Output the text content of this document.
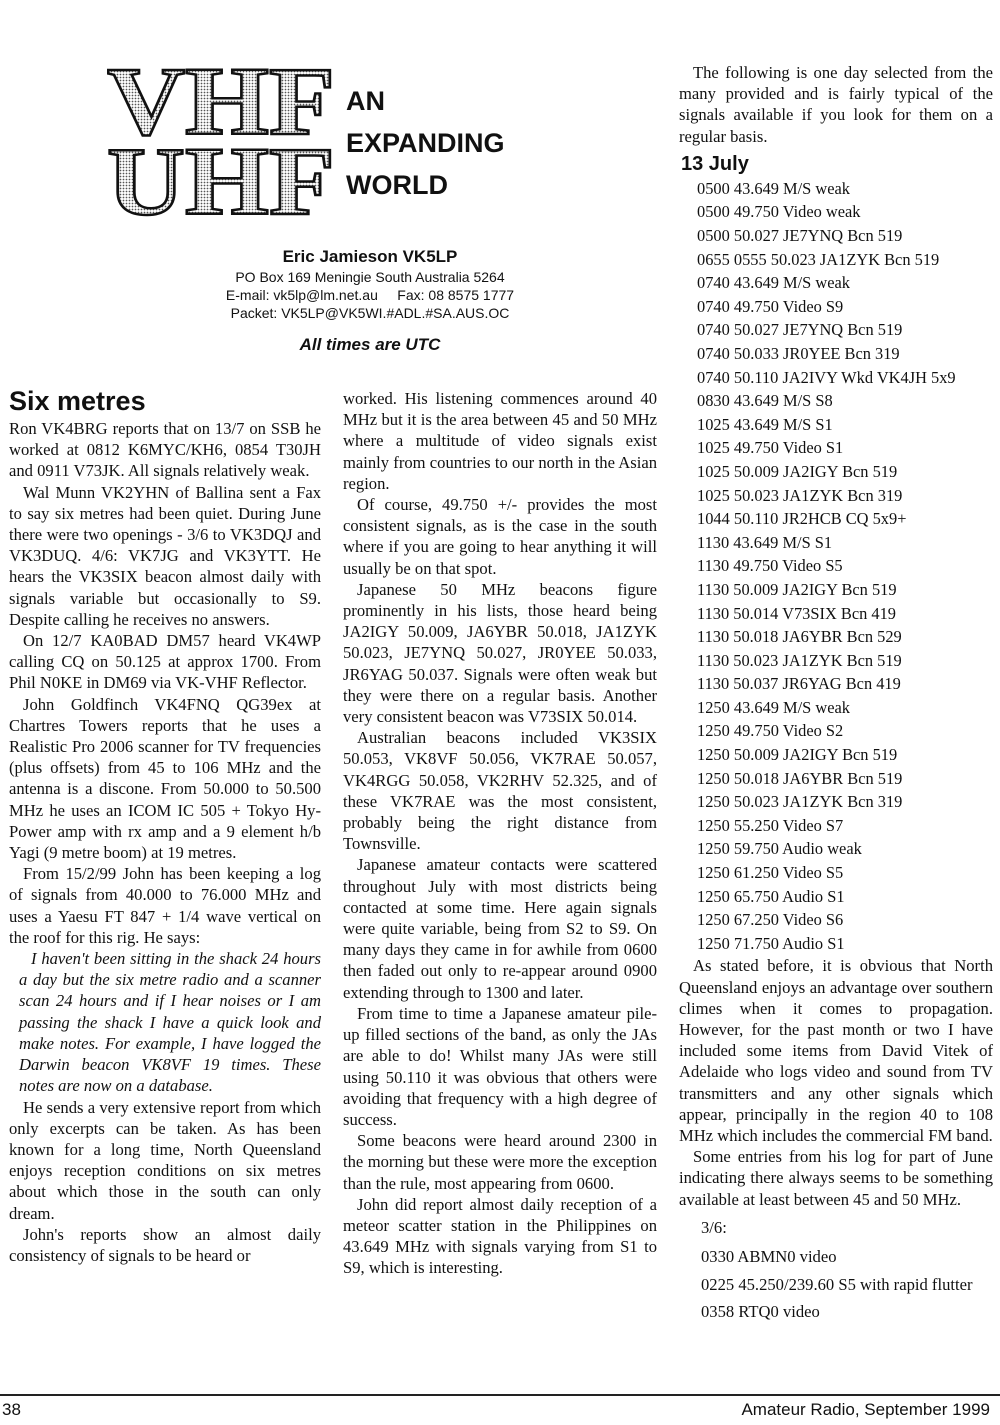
VHF
UHF
AN
EXPANDING
WORLD
Eric Jamieson VK5LP
PO Box 169 Meningie South Australia 5264
E-mail: vk5lp@lm.net.au     Fax: 08 8575 1777
Packet: VK5LP@VK5WI.#ADL.#SA.AUS.OC
All times are UTC
Six metres

Ron VK4BRG reports that on 13/7 on SSB he worked at 0812 K6MYC/KH6, 0854 T30JH and 0911 V73JK. All signals relatively weak.

Wal Munn VK2YHN of Ballina sent a Fax to say six metres had been quiet. During June there were two openings - 3/6 to VK3DQJ and VK3DUQ. 4/6: VK7JG and VK3YTT. He hears the VK3SIX beacon almost daily with signals variable but occasionally to S9. Despite calling he receives no answers.

On 12/7 KA0BAD DM57 heard VK4WP calling CQ on 50.125 at approx 1700. From Phil N0KE in DM69 via VK-VHF Reflector.

John Goldfinch VK4FNQ QG39ex at Chartres Towers reports that he uses a Realistic Pro 2006 scanner for TV frequencies (plus offsets) from 45 to 106 MHz and the antenna is a discone. From 50.000 to 50.500 MHz he uses an ICOM IC 505 + Tokyo Hy-Power amp with rx amp and a 9 element h/b Yagi (9 metre boom) at 19 metres.

From 15/2/99 John has been keeping a log of signals from 40.000 to 76.000 MHz and uses a Yaesu FT 847 + 1/4 wave vertical on the roof for this rig. He says:

I haven't been sitting in the shack 24 hours a day but the six metre radio and a scanner scan 24 hours and if I hear noises or I am passing the shack I have a quick look and make notes. For example, I have logged the Darwin beacon VK8VF 19 times. These notes are now on a database.

He sends a very extensive report from which only excerpts can be taken. As has been known for a long time, North Queensland enjoys reception conditions on six metres about which those in the south can only dream.

John's reports show an almost daily consistency of signals to be heard or

worked. His listening commences around 40 MHz but it is the area between 45 and 50 MHz where a multitude of video signals exist mainly from countries to our north in the Asian region.

Of course, 49.750 +/- provides the most consistent signals, as is the case in the south where if you are going to hear anything it will usually be on that spot.

Japanese 50 MHz beacons figure prominently in his lists, those heard being JA2IGY 50.009, JA6YBR 50.018, JA1ZYK 50.023, JE7YNQ 50.027, JR0YEE 50.033, JR6YAG 50.037. Signals were often weak but they were there on a regular basis. Another very consistent beacon was V73SIX 50.014.

Australian beacons included VK3SIX 50.053, VK8VF 50.056, VK7RAE 50.057, VK4RGG 50.058, VK2RHV 52.325, and of these VK7RAE was the most consistent, probably being the right distance from Townsville.

Japanese amateur contacts were scattered throughout July with most districts being contacted at some time. Here again signals were quite variable, being from S2 to S9. On many days they came in for awhile from 0600 then faded out only to re-appear around 0900 extending through to 1300 and later.

From time to time a Japanese amateur pile-up filled sections of the band, as only the JAs are able to do! Whilst many JAs were still using 50.110 it was obvious that others were avoiding that frequency with a high degree of success.

Some beacons were heard around 2300 in the morning but these were more the exception than the rule, most appearing from 0600.

John did report almost daily reception of a meteor scatter station in the Philippines on 43.649 MHz with signals varying from S1 to S9, which is interesting.

The following is one day selected from the many provided and is fairly typical of the signals available if you look for them on a regular basis.

13 July
0500 43.649 M/S weak
0500 49.750 Video weak
0500 50.027 JE7YNQ Bcn 519
0655 0555 50.023 JA1ZYK Bcn 519
0740 43.649 M/S weak
0740 49.750 Video S9
0740 50.027 JE7YNQ Bcn 519
0740 50.033 JR0YEE Bcn 319
0740 50.110 JA2IVY Wkd VK4JH 5x9
0830 43.649 M/S S8
1025 43.649 M/S S1
1025 49.750 Video S1
1025 50.009 JA2IGY Bcn 519
1025 50.023 JA1ZYK Bcn 319
1044 50.110 JR2HCB CQ 5x9+
1130 43.649 M/S S1
1130 49.750 Video S5
1130 50.009 JA2IGY Bcn 519
1130 50.014 V73SIX Bcn 419
1130 50.018 JA6YBR Bcn 529
1130 50.023 JA1ZYK Bcn 519
1130 50.037 JR6YAG Bcn 419
1250 43.649 M/S weak
1250 49.750 Video S2
1250 50.009 JA2IGY Bcn 519
1250 50.018 JA6YBR Bcn 519
1250 50.023 JA1ZYK Bcn 319
1250 55.250 Video S7
1250 59.750 Audio weak
1250 61.250 Video S5
1250 65.750 Audio S1
1250 67.250 Video S6
1250 71.750 Audio S1

As stated before, it is obvious that North Queensland enjoys an advantage over southern climes when it comes to propagation. However, for the past month or two I have included some items from David Vitek of Adelaide who logs video and sound from TV transmitters and any other signals which appear, principally in the region 40 to 108 MHz which includes the commercial FM band.

Some entries from his log for part of June indicating there always seems to be something available at least between 45 and 50 MHz.

3/6:
0330 ABMN0 video
0225 45.250/239.60 S5 with rapid flutter
0358 RTQ0 video
38	Amateur Radio, September 1999
